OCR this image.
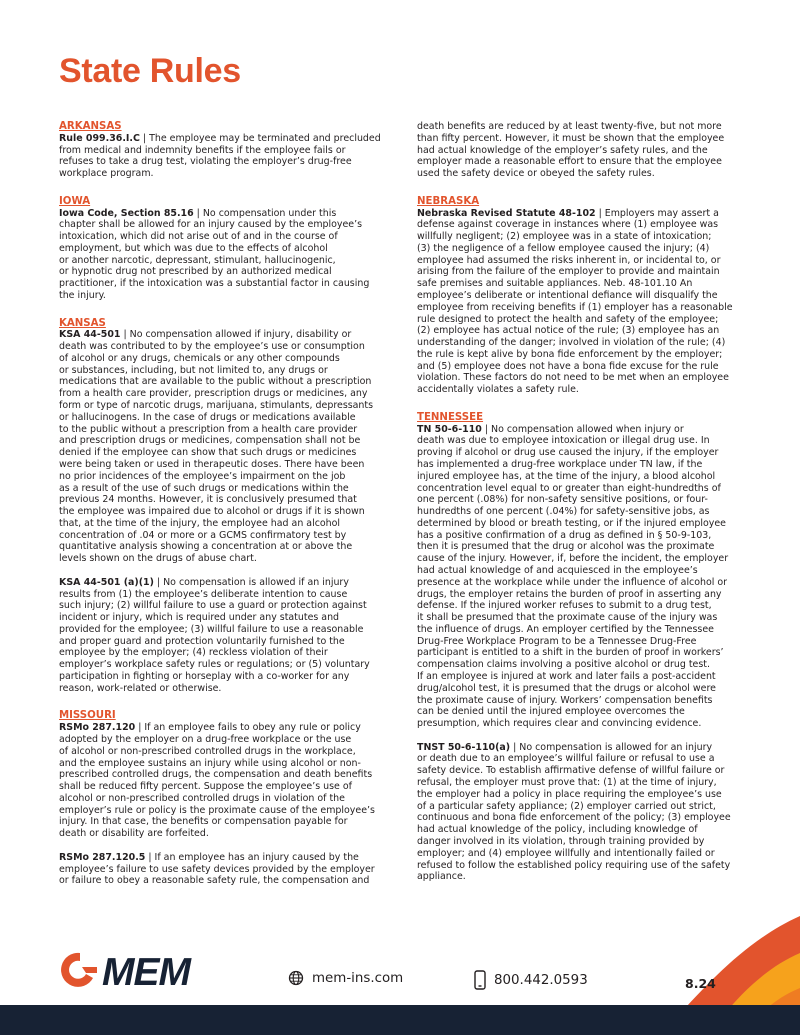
State Rules
ARKANSAS

Rule 099.36.I.C | The employee may be terminated and precluded
from medical and indemnity benefits if the employee fails or
refuses to take a drug test, violating the employer’s drug-free
workplace program.

IOWA

Iowa Code, Section 85.16 | No compensation under this
chapter shall be allowed for an injury caused by the employee’s
intoxication, which did not arise out of and in the course of
employment, but which was due to the effects of alcohol
or another narcotic, depressant, stimulant, hallucinogenic,
or hypnotic drug not prescribed by an authorized medical
practitioner, if the intoxication was a substantial factor in causing
the injury.

KANSAS

KSA 44-501 | No compensation allowed if injury, disability or
death was contributed to by the employee’s use or consumption
of alcohol or any drugs, chemicals or any other compounds
or substances, including, but not limited to, any drugs or
medications that are available to the public without a prescription
from a health care provider, prescription drugs or medicines, any
form or type of narcotic drugs, marijuana, stimulants, depressants
or hallucinogens. In the case of drugs or medications available
to the public without a prescription from a health care provider
and prescription drugs or medicines, compensation shall not be
denied if the employee can show that such drugs or medicines
were being taken or used in therapeutic doses. There have been
no prior incidences of the employee’s impairment on the job
as a result of the use of such drugs or medications within the
previous 24 months. However, it is conclusively presumed that
the employee was impaired due to alcohol or drugs if it is shown
that, at the time of the injury, the employee had an alcohol
concentration of .04 or more or a GCMS confirmatory test by
quantitative analysis showing a concentration at or above the
levels shown on the drugs of abuse chart.

KSA 44-501 (a)(1) | No compensation is allowed if an injury
results from (1) the employee’s deliberate intention to cause
such injury; (2) willful failure to use a guard or protection against
incident or injury, which is required under any statutes and
provided for the employee; (3) willful failure to use a reasonable
and proper guard and protection voluntarily furnished to the
employee by the employer; (4) reckless violation of their
employer’s workplace safety rules or regulations; or (5) voluntary
participation in fighting or horseplay with a co-worker for any
reason, work-related or otherwise.

MISSOURI

RSMo 287.120 | If an employee fails to obey any rule or policy
adopted by the employer on a drug-free workplace or the use
of alcohol or non-prescribed controlled drugs in the workplace,
and the employee sustains an injury while using alcohol or non-
prescribed controlled drugs, the compensation and death benefits
shall be reduced fifty percent. Suppose the employee’s use of
alcohol or non-prescribed controlled drugs in violation of the
employer’s rule or policy is the proximate cause of the employee’s
injury. In that case, the benefits or compensation payable for
death or disability are forfeited.

RSMo 287.120.5 | If an employee has an injury caused by the
employee’s failure to use safety devices provided by the employer
or failure to obey a reasonable safety rule, the compensation and

death benefits are reduced by at least twenty-five, but not more
than fifty percent. However, it must be shown that the employee
had actual knowledge of the employer’s safety rules, and the
employer made a reasonable effort to ensure that the employee
used the safety device or obeyed the safety rules.

NEBRASKA

Nebraska Revised Statute 48-102 | Employers may assert a
defense against coverage in instances where (1) employee was
willfully negligent; (2) employee was in a state of intoxication;
(3) the negligence of a fellow employee caused the injury; (4)
employee had assumed the risks inherent in, or incidental to, or
arising from the failure of the employer to provide and maintain
safe premises and suitable appliances. Neb. 48-101.10 An
employee’s deliberate or intentional defiance will disqualify the
employee from receiving benefits if (1) employer has a reasonable
rule designed to protect the health and safety of the employee;
(2) employee has actual notice of the rule; (3) employee has an
understanding of the danger; involved in violation of the rule; (4)
the rule is kept alive by bona fide enforcement by the employer;
and (5) employee does not have a bona fide excuse for the rule
violation. These factors do not need to be met when an employee
accidentally violates a safety rule.

TENNESSEE

TN 50-6-110 | No compensation allowed when injury or
death was due to employee intoxication or illegal drug use. In
proving if alcohol or drug use caused the injury, if the employer
has implemented a drug-free workplace under TN law, if the
injured employee has, at the time of the injury, a blood alcohol
concentration level equal to or greater than eight-hundredths of
one percent (.08%) for non-safety sensitive positions, or four-
hundredths of one percent (.04%) for safety-sensitive jobs, as
determined by blood or breath testing, or if the injured employee
has a positive confirmation of a drug as defined in § 50-9-103,
then it is presumed that the drug or alcohol was the proximate
cause of the injury. However, if, before the incident, the employer
had actual knowledge of and acquiesced in the employee’s
presence at the workplace while under the influence of alcohol or
drugs, the employer retains the burden of proof in asserting any
defense. If the injured worker refuses to submit to a drug test,
it shall be presumed that the proximate cause of the injury was
the influence of drugs. An employer certified by the Tennessee
Drug-Free Workplace Program to be a Tennessee Drug-Free
participant is entitled to a shift in the burden of proof in workers’
compensation claims involving a positive alcohol or drug test.
If an employee is injured at work and later fails a post-accident
drug/alcohol test, it is presumed that the drugs or alcohol were
the proximate cause of injury. Workers’ compensation benefits
can be denied until the injured employee overcomes the
presumption, which requires clear and convincing evidence.

TNST 50-6-110(a) | No compensation is allowed for an injury
or death due to an employee’s willful failure or refusal to use a
safety device. To establish affirmative defense of willful failure or
refusal, the employer must prove that: (1) at the time of injury,
the employer had a policy in place requiring the employee’s use
of a particular safety appliance; (2) employer carried out strict,
continuous and bona fide enforcement of the policy; (3) employee
had actual knowledge of the policy, including knowledge of
danger involved in its violation, through training provided by
employer; and (4) employee willfully and intentionally failed or
refused to follow the established policy requiring use of the safety
appliance.

MEM	mem-ins.com	800.442.0593	8.24
